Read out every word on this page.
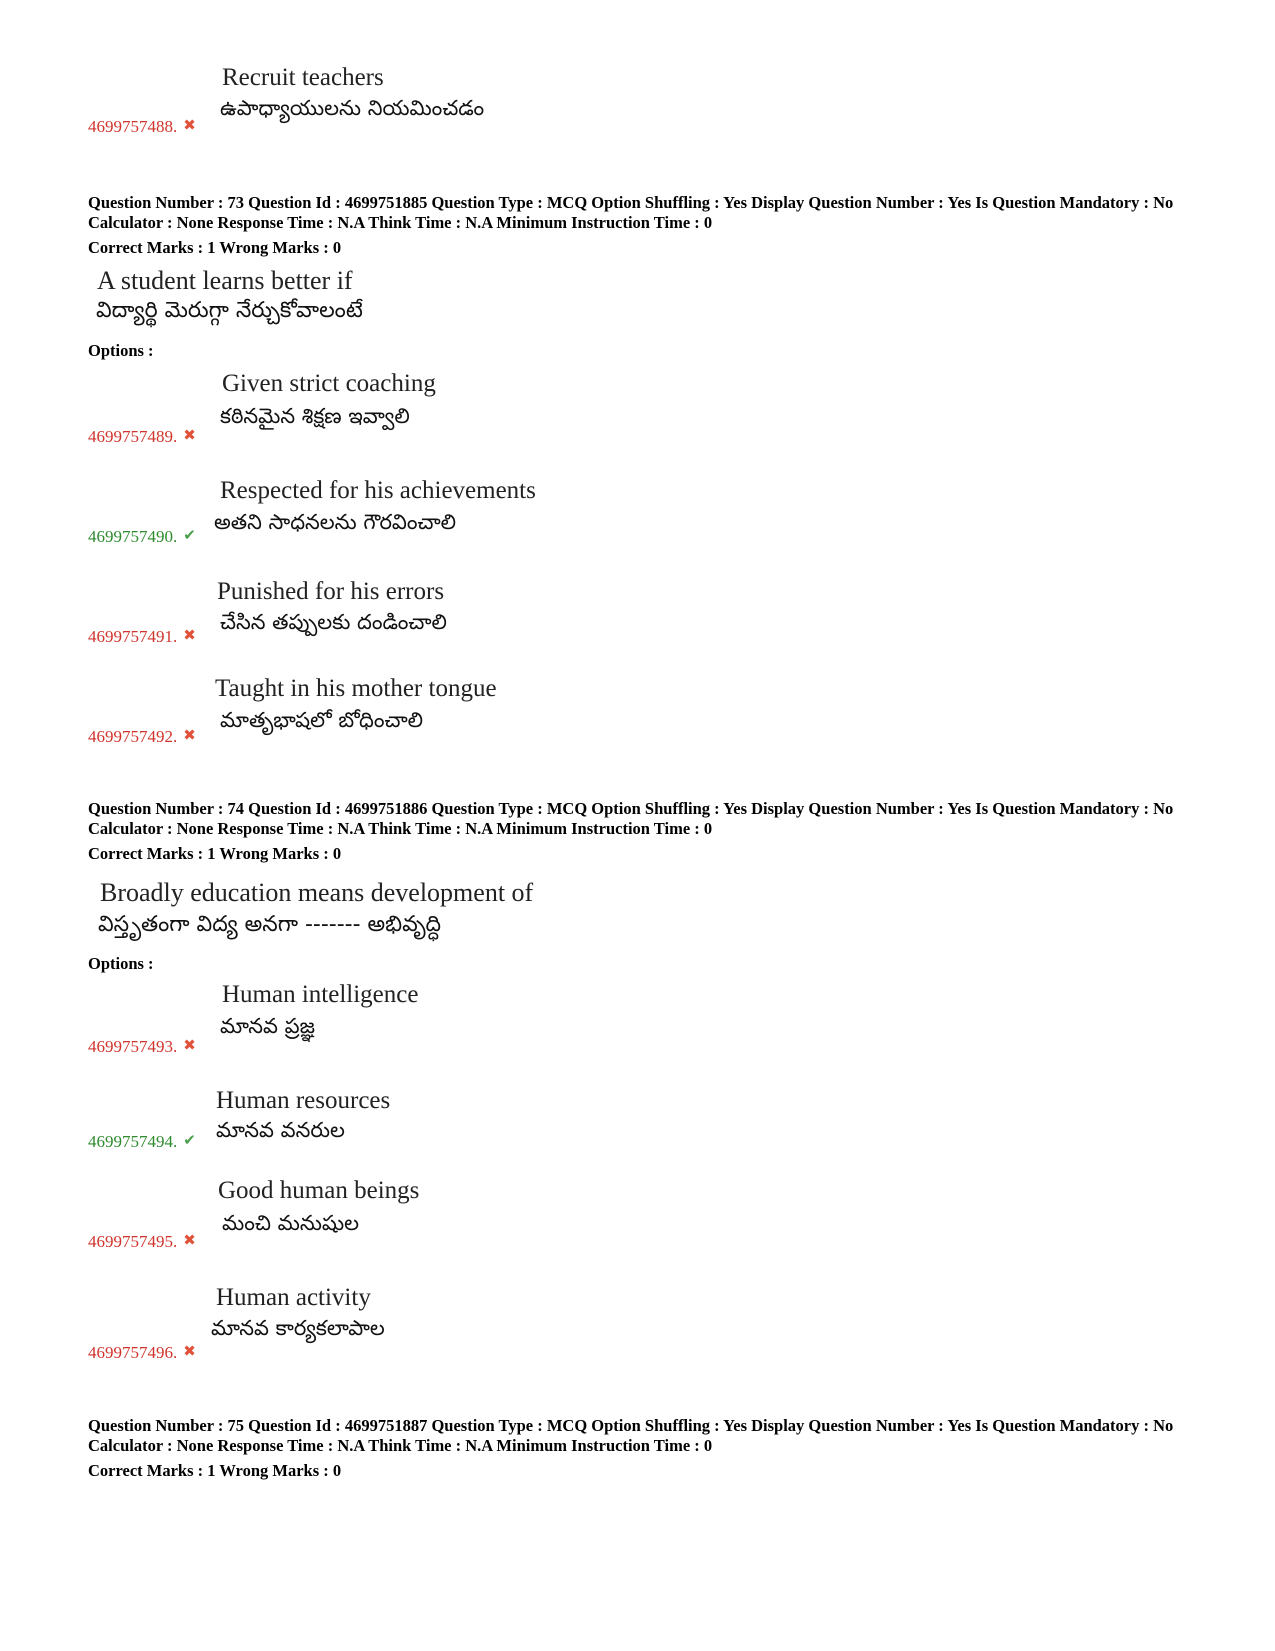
Recruit teachers
ఉపాధ్యాయులను నియమించడం
4699757488. ✖
Question Number : 73 Question Id : 4699751885 Question Type : MCQ Option Shuffling : Yes Display Question Number : Yes Is Question Mandatory : No Calculator : None Response Time : N.A Think Time : N.A Minimum Instruction Time : 0
Correct Marks : 1 Wrong Marks : 0
A student learns better if
విద్యార్థి మెరుగ్గా నేర్చుకోవాలంటే
Options :
Given strict coaching
కఠినమైన శిక్షణ ఇవ్వాలి
4699757489. ✖
Respected for his achievements
అతని సాధనలను గౌరవించాలి
4699757490. ✔
Punished for his errors
చేసిన తప్పులకు దండించాలి
4699757491. ✖
Taught in his mother tongue
మాతృభాషలో బోధించాలి
4699757492. ✖
Question Number : 74 Question Id : 4699751886 Question Type : MCQ Option Shuffling : Yes Display Question Number : Yes Is Question Mandatory : No Calculator : None Response Time : N.A Think Time : N.A Minimum Instruction Time : 0
Correct Marks : 1 Wrong Marks : 0
Broadly education means development of
విస్తృతంగా విద్య అనగా ------- అభివృద్ధి
Options :
Human intelligence
మానవ ప్రజ్ఞ
4699757493. ✖
Human resources
మానవ వనరుల
4699757494. ✔
Good human beings
మంచి మనుషుల
4699757495. ✖
Human activity
మానవ కార్యకలాపాల
4699757496. ✖
Question Number : 75 Question Id : 4699751887 Question Type : MCQ Option Shuffling : Yes Display Question Number : Yes Is Question Mandatory : No Calculator : None Response Time : N.A Think Time : N.A Minimum Instruction Time : 0
Correct Marks : 1 Wrong Marks : 0
